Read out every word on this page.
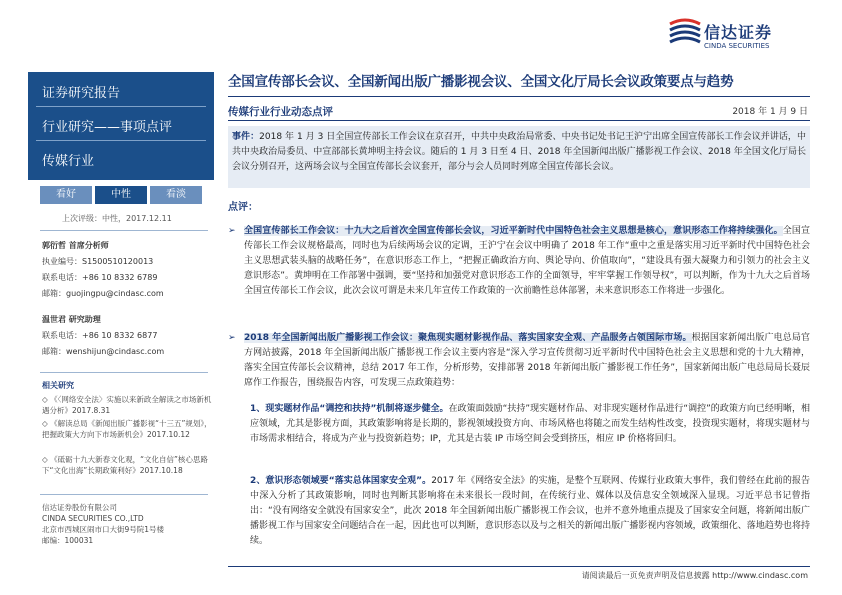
信达证券
CINDA SECURITIES
证券研究报告
行业研究——事项点评
传媒行业
看好	中性	看淡
上次评级：中性，2017.12.11
郭衍哲 首席分析师
执业编号：S1500510120013
联系电话：+86 10 8332 6789
邮箱：guojingpu@cindasc.com
温世君 研究助理
联系电话：+86 10 8332 6877
邮箱：wenshijun@cindasc.com
相关研究
◇ 《〈网络安全法〉实施以来新政全解读之市场新机遇分析》2017.8.31
◇ 《解读总局《新闻出版广播影视“十三五”规划》，把握政策大方向下市场新机会》2017.10.12
◇ 《砥砺十九大新春文化观，“文化自信”核心思路下“文化出海”长期政策利好》2017.10.18
信达证券股份有限公司
CINDA SECURITIES CO.,LTD
北京市西城区闹市口大街9号院1号楼
邮编：100031
全国宣传部长会议、全国新闻出版广播影视会议、全国文化厅局长会议政策要点与趋势
传媒行业行业动态点评	2018 年 1 月 9 日
事件：2018 年 1 月 3 日全国宣传部长工作会议在京召开，中共中央政治局常委、中央书记处书记王沪宁出席全国宣传部长工作会议并讲话，中共中央政治局委员、中宣部部长黄坤明主持会议。随后的 1 月 3 日至 4 日、2018 年全国新闻出版广播影视工作会议、2018 年全国文化厅局长会议分别召开，这两场会议与全国宣传部长会议套开，部分与会人员同时列席全国宣传部长会议。
点评：
➢ 全国宣传部长工作会议：十九大之后首次全国宣传部长会议，习近平新时代中国特色社会主义思想是核心，意识形态工作将持续强化。全国宣传部长工作会议规格最高，同时也为后续两场会议的定调，王沪宁在会议中明确了 2018 年工作“重中之重是落实用习近平新时代中国特色社会主义思想武装头脑的战略任务”，在意识形态工作上，“把握正确政治方向、舆论导向、价值取向”，“建设具有强大凝聚力和引领力的社会主义意识形态”。黄坤明在工作部署中强调，要“坚持和加强党对意识形态工作的全面领导，牢牢掌握工作领导权”，可以判断，作为十九大之后首场全国宣传部长工作会议，此次会议可谓是未来几年宣传工作政策的一次前瞻性总体部署，未来意识形态工作将进一步强化。
➢ 2018 年全国新闻出版广播影视工作会议：聚焦现实题材影视作品、落实国家安全观、产品服务占领国际市场。根据国家新闻出版广电总局官方网站披露，2018 年全国新闻出版广播影视工作会议主要内容是“深入学习宣传贯彻习近平新时代中国特色社会主义思想和党的十九大精神，落实全国宣传部长会议精神，总结 2017 年工作，分析形势，安排部署 2018 年新闻出版广播影视工作任务”，国家新闻出版广电总局局长聂辰席作工作报告，围绕报告内容，可发现三点政策趋势：
1、现实题材作品“调控和扶持”机制将逐步健全。在政策面鼓励“扶持”现实题材作品、对非现实题材作品进行“调控”的政策方向已经明晰，相应领域，尤其是影视方面，其政策影响将是长期的，影视领域投资方向、市场风格也将随之而发生结构性改变，投资现实题材，将现实题材与市场需求相结合，将成为产业与投资新趋势；IP，尤其是古装 IP 市场空间会受到挤压，相应 IP 价格将回归。
2、意识形态领域要“落实总体国家安全观”。2017 年《网络安全法》的实施，是整个互联网、传媒行业政策大事件，我们曾经在此前的报告中深入分析了其政策影响，同时也判断其影响将在未来很长一段时间，在传统行业、媒体以及信息安全领域深入显现。习近平总书记曾指出：“没有网络安全就没有国家安全”，此次 2018 年全国新闻出版广播影视工作会议，也并不意外地重点提及了国家安全问题，将新闻出版广播影视工作与国家安全问题结合在一起，因此也可以判断，意识形态以及与之相关的新闻出版广播影视内容领域，政策细化、落地趋势也将持续。
请阅读最后一页免责声明及信息披露 http://www.cindasc.com
